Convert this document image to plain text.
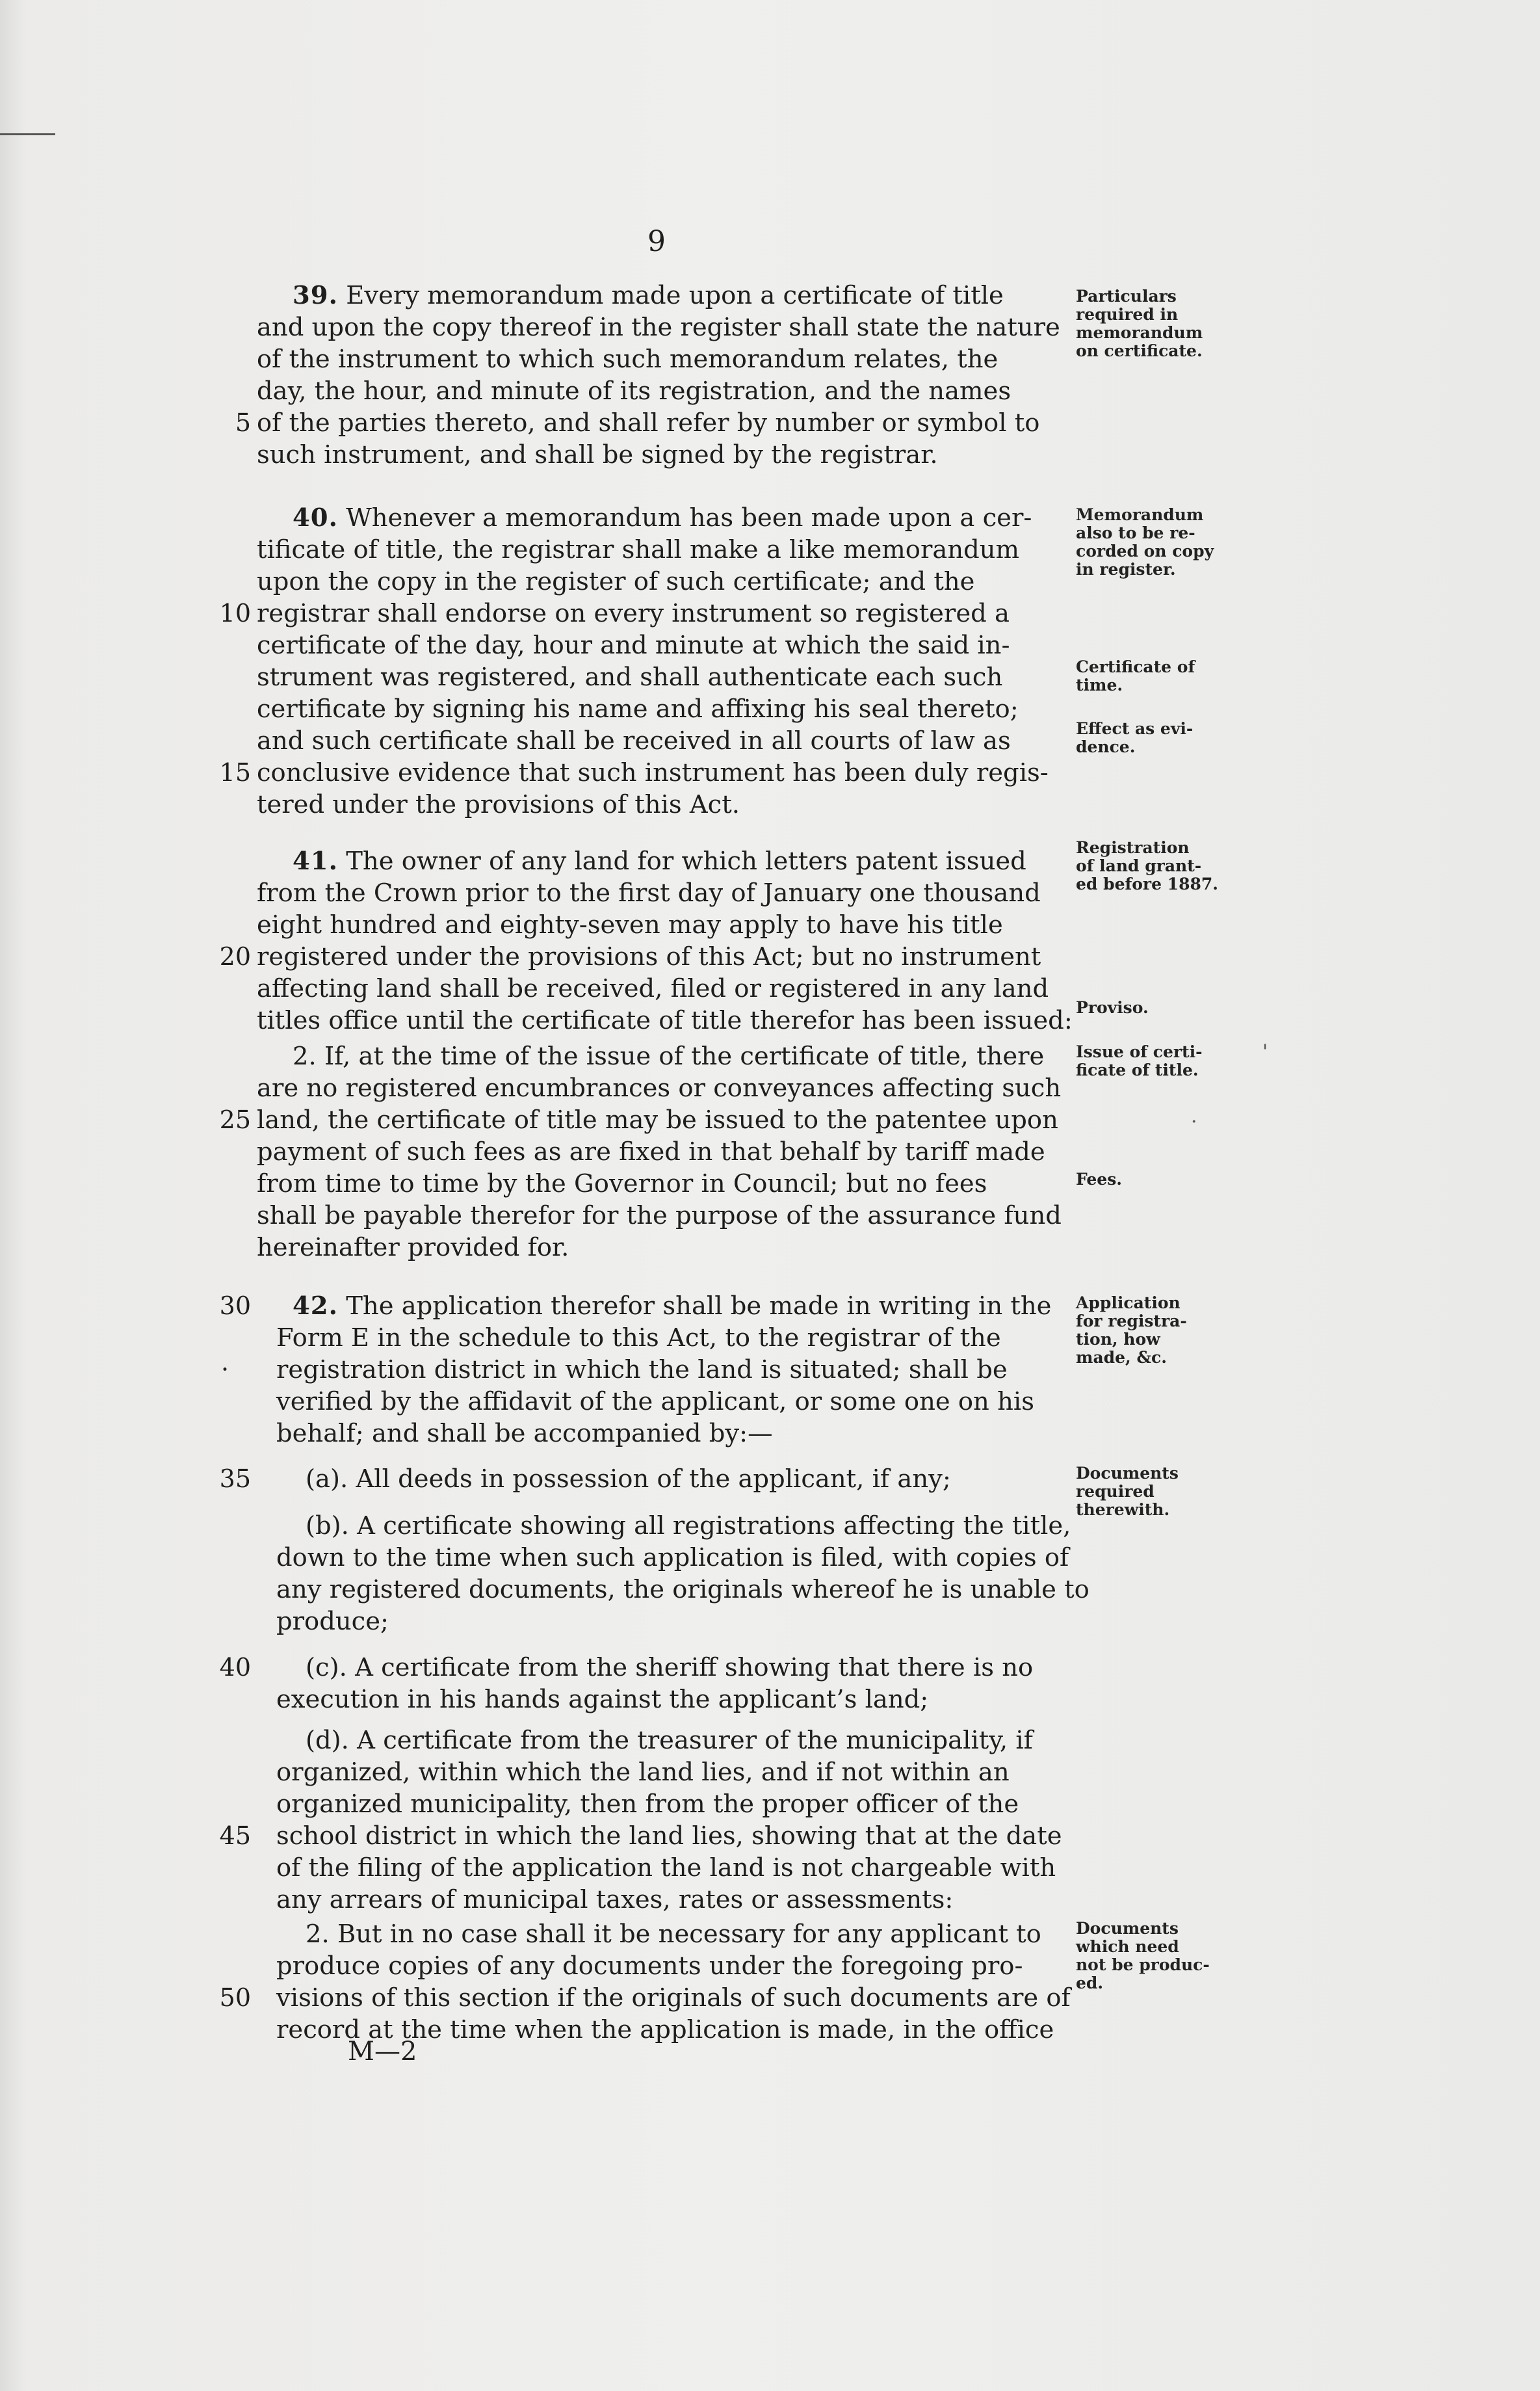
9
39. Every memorandum made upon a certificate of title
and upon the copy thereof in the register shall state the nature
of the instrument to which such memorandum relates, the
day, the hour, and minute of its registration, and the names
of the parties thereto, and shall refer by number or symbol to
such instrument, and shall be signed by the registrar.
40. Whenever a memorandum has been made upon a cer-
tificate of title, the registrar shall make a like memorandum
upon the copy in the register of such certificate; and the
registrar shall endorse on every instrument so registered a
certificate of the day, hour and minute at which the said in-
strument was registered, and shall authenticate each such
certificate by signing his name and affixing his seal thereto;
and such certificate shall be received in all courts of law as
conclusive evidence that such instrument has been duly regis-
tered under the provisions of this Act.
41. The owner of any land for which letters patent issued
from the Crown prior to the first day of January one thousand
eight hundred and eighty-seven may apply to have his title
registered under the provisions of this Act; but no instrument
affecting land shall be received, filed or registered in any land
titles office until the certificate of title therefor has been issued:
2. If, at the time of the issue of the certificate of title, there
are no registered encumbrances or conveyances affecting such
land, the certificate of title may be issued to the patentee upon
payment of such fees as are fixed in that behalf by tariff made
from time to time by the Governor in Council; but no fees
shall be payable therefor for the purpose of the assurance fund
hereinafter provided for.
42. The application therefor shall be made in writing in the
Form E in the schedule to this Act, to the registrar of the
registration district in which the land is situated; shall be
verified by the affidavit of the applicant, or some one on his
behalf; and shall be accompanied by:—
(a). All deeds in possession of the applicant, if any;
(b). A certificate showing all registrations affecting the title,
down to the time when such application is filed, with copies of
any registered documents, the originals whereof he is unable to
produce;
(c). A certificate from the sheriff showing that there is no
execution in his hands against the applicant’s land;
(d). A certificate from the treasurer of the municipality, if
organized, within which the land lies, and if not within an
organized municipality, then from the proper officer of the
school district in which the land lies, showing that at the date
of the filing of the application the land is not chargeable with
any arrears of municipal taxes, rates or assessments:
2. But in no case shall it be necessary for any applicant to
produce copies of any documents under the foregoing pro-
visions of this section if the originals of such documents are of
record at the time when the application is made, in the office
5
10
15
20
25
30
35
40
45
50
Particulars
required in
memorandum
on certificate.
Memorandum
also to be re-
corded on copy
in register.
Certificate of
time.
Effect as evi-
dence.
Registration
of land grant-
ed before 1887.
Proviso.
Issue of certi-
ficate of title.
Fees.
Application
for registra-
tion, how
made, &c.
Documents
required
therewith.
Documents
which need
not be produc-
ed.
·
'
·
M—2
